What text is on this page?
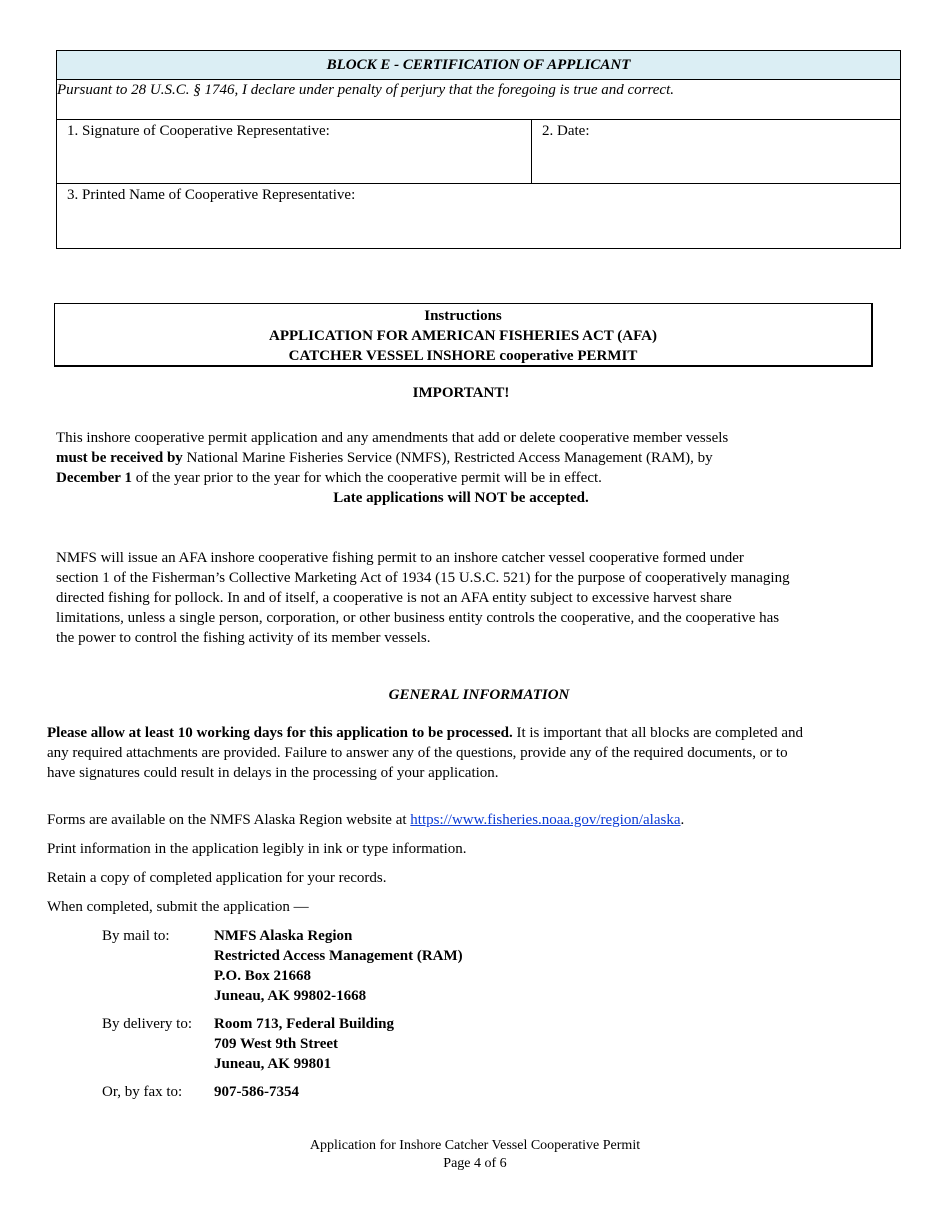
BLOCK E - CERTIFICATION OF APPLICANT
Pursuant to 28 U.S.C. § 1746, I declare under penalty of perjury that the foregoing is true and correct.
1. Signature of Cooperative Representative:	2. Date:
3. Printed Name of Cooperative Representative:
Instructions
APPLICATION FOR AMERICAN FISHERIES ACT (AFA)
CATCHER VESSEL INSHORE cooperative PERMIT
IMPORTANT!
This inshore cooperative permit application and any amendments that add or delete cooperative member vessels
must be received by National Marine Fisheries Service (NMFS), Restricted Access Management (RAM), by
December 1 of the year prior to the year for which the cooperative permit will be in effect.
Late applications will NOT be accepted.
NMFS will issue an AFA inshore cooperative fishing permit to an inshore catcher vessel cooperative formed under
section 1 of the Fisherman’s Collective Marketing Act of 1934 (15 U.S.C. 521) for the purpose of cooperatively managing
directed fishing for pollock. In and of itself, a cooperative is not an AFA entity subject to excessive harvest share
limitations, unless a single person, corporation, or other business entity controls the cooperative, and the cooperative has
the power to control the fishing activity of its member vessels.
GENERAL INFORMATION
Please allow at least 10 working days for this application to be processed. It is important that all blocks are completed and
any required attachments are provided. Failure to answer any of the questions, provide any of the required documents, or to
have signatures could result in delays in the processing of your application.
Forms are available on the NMFS Alaska Region website at https://www.fisheries.noaa.gov/region/alaska.
Print information in the application legibly in ink or type information.
Retain a copy of completed application for your records.
When completed, submit the application —
By mail to:	NMFS Alaska Region
Restricted Access Management (RAM)
P.O. Box 21668
Juneau, AK 99802-1668
By delivery to: Room 713, Federal Building
709 West 9th Street
Juneau, AK 99801
Or, by fax to: 907-586-7354
Application for Inshore Catcher Vessel Cooperative Permit
Page 4 of 6
